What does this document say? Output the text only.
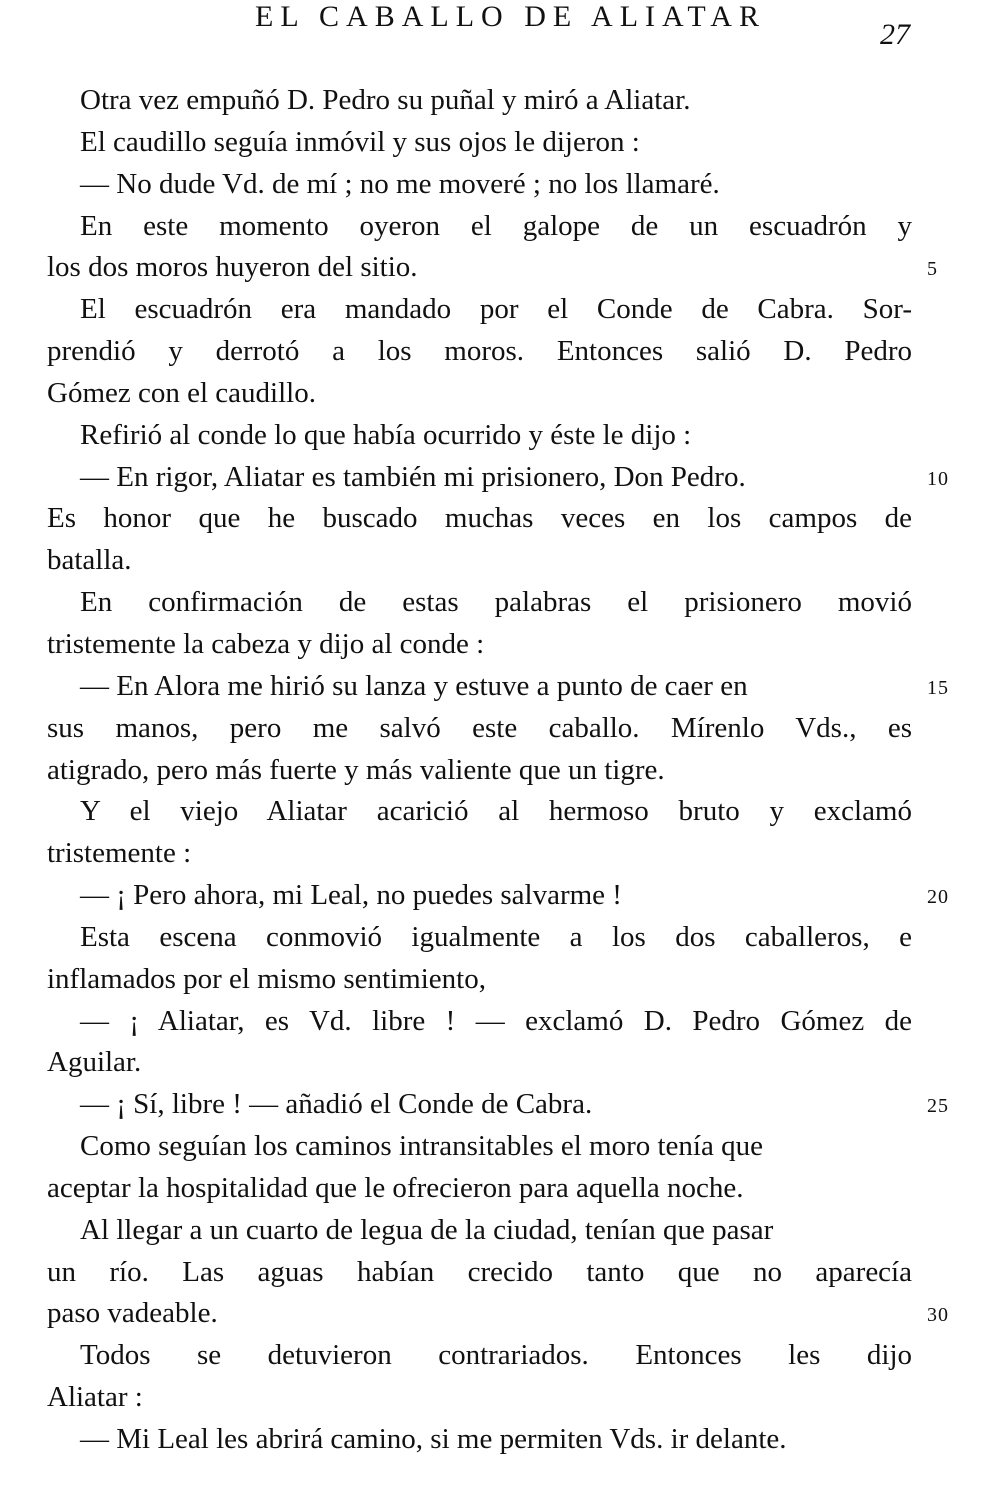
EL CABALLO DE ALIATAR
27
Otra vez empuñó D. Pedro su puñal y miró a Aliatar.
El caudillo seguía inmóvil y sus ojos le dijeron :
— No dude Vd. de mí ; no me moveré ; no los llamaré.
En este momento oyeron el galope de un escuadrón y
los dos moros huyeron del sitio.	5
El escuadrón era mandado por el Conde de Cabra. Sor-
prendió y derrotó a los moros. Entonces salió D. Pedro
Gómez con el caudillo.
Refirió al conde lo que había ocurrido y éste le dijo :
— En rigor, Aliatar es también mi prisionero, Don Pedro.	10
Es honor que he buscado muchas veces en los campos de
batalla.
En confirmación de estas palabras el prisionero movió
tristemente la cabeza y dijo al conde :
— En Alora me hirió su lanza y estuve a punto de caer en	15
sus manos, pero me salvó este caballo. Mírenlo Vds., es
atigrado, pero más fuerte y más valiente que un tigre.
Y el viejo Aliatar acarició al hermoso bruto y exclamó
tristemente :
— ¡ Pero ahora, mi Leal, no puedes salvarme !	20
Esta escena conmovió igualmente a los dos caballeros, e
inflamados por el mismo sentimiento,
— ¡ Aliatar, es Vd. libre ! — exclamó D. Pedro Gómez de
Aguilar.
— ¡ Sí, libre ! — añadió el Conde de Cabra.	25
Como seguían los caminos intransitables el moro tenía que
aceptar la hospitalidad que le ofrecieron para aquella noche.
Al llegar a un cuarto de legua de la ciudad, tenían que pasar
un río. Las aguas habían crecido tanto que no aparecía
paso vadeable.	30
Todos se detuvieron contrariados. Entonces les dijo
Aliatar :
— Mi Leal les abrirá camino, si me permiten Vds. ir delante.
